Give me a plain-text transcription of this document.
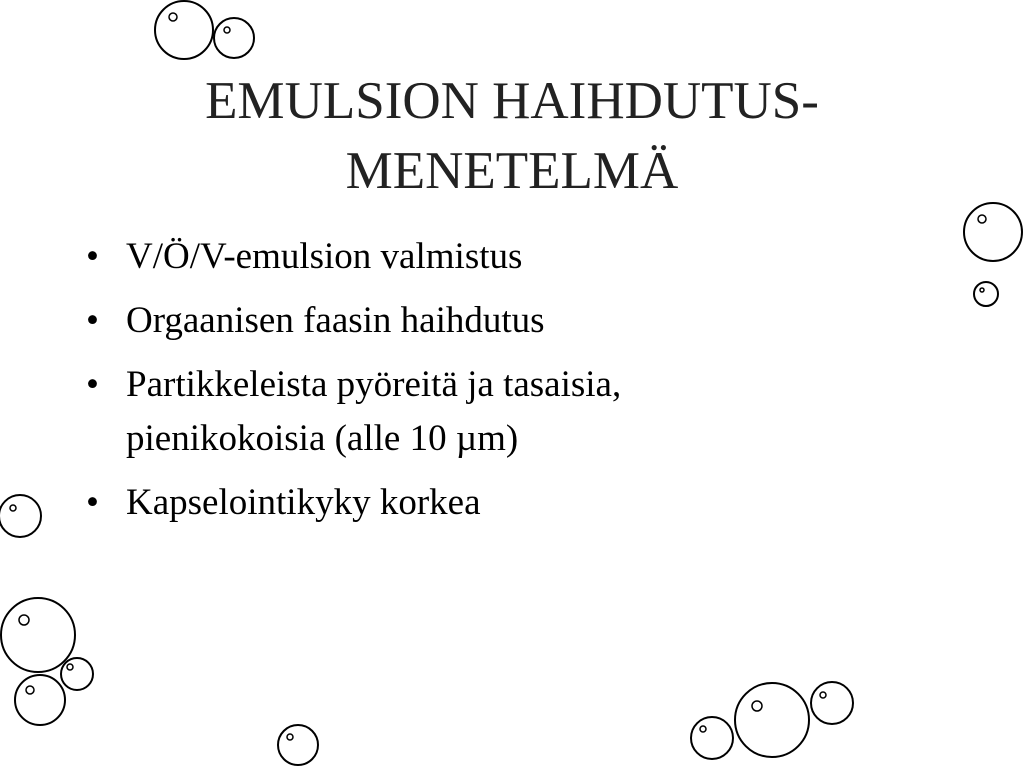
EMULSION HAIHDUTUS-
MENETELMÄ
• V/Ö/V-emulsion valmistus
• Orgaanisen faasin haihdutus
• Partikkeleista pyöreitä ja tasaisia,
pienikokoisia (alle 10 µm)
• Kapselointikyky korkea
